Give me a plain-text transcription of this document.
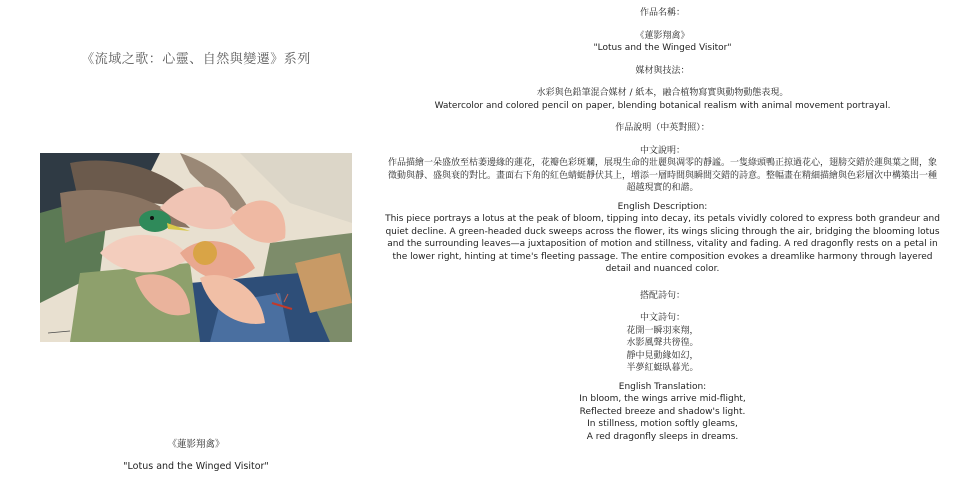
《流域之歌：心靈、自然與變遷》系列

《蓮影翔禽》

"Lotus and the Winged Visitor"

作品名稱：

《蓮影翔禽》

"Lotus and the Winged Visitor"

媒材與技法：

水彩與色鉛筆混合媒材 / 紙本，融合植物寫實與動物動態表現。

Watercolor and colored pencil on paper, blending botanical realism with animal movement portrayal.

作品說明（中英對照）：

中文說明：

作品描繪一朵盛放至枯萎邊緣的蓮花，花瓣色彩斑斕，展現生命的壯麗與凋零的靜謐。一隻綠頭鴨正掠過花心，翅膀交錯於蓮與葉之間，象徵動與靜、盛與衰的對比。畫面右下角的紅色蜻蜓靜伏其上，增添一層時間與瞬間交錯的詩意。整幅畫在精細描繪與色彩層次中構築出一種超越現實的和諧。

English Description:

This piece portrays a lotus at the peak of bloom, tipping into decay, its petals vividly colored to express both grandeur and quiet decline. A green-headed duck sweeps across the flower, its wings slicing through the air, bridging the blooming lotus and the surrounding leaves—a juxtaposition of motion and stillness, vitality and fading. A red dragonfly rests on a petal in the lower right, hinting at time's fleeting passage. The entire composition evokes a dreamlike harmony through layered detail and nuanced color.

搭配詩句：

中文詩句：

花開一瞬羽來翔，

水影風聲共徬徨。

靜中見動緣如幻，

半夢紅蜓臥暮光。

English Translation:

In bloom, the wings arrive mid-flight,

Reflected breeze and shadow's light.

In stillness, motion softly gleams,

A red dragonfly sleeps in dreams.
